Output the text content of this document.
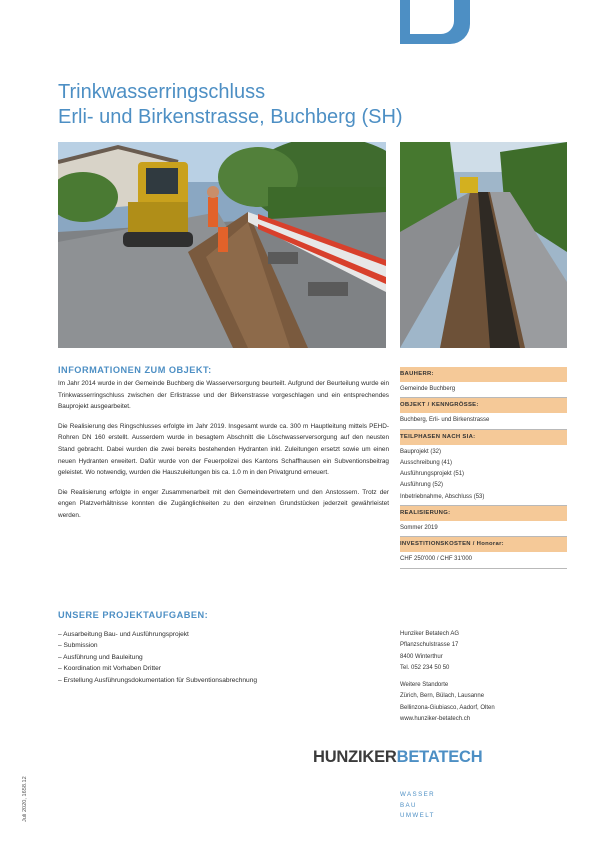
Trinkwasserringschluss
Erli- und Birkenstrasse, Buchberg (SH)
INFORMATIONEN ZUM OBJEKT:

Im Jahr 2014 wurde in der Gemeinde Buchberg die Wasserversorgung beurteilt. Aufgrund der Beurteilung wurde ein Trinkwasserringschluss zwischen der Erlistrasse und der Birkenstrasse vorgeschlagen und ein entsprechendes Bauprojekt ausgearbeitet.

Die Realisierung des Ringschlusses erfolgte im Jahr 2019. Insgesamt wurde ca. 300 m Hauptleitung mittels PEHD-Rohren DN 160 erstellt. Ausserdem wurde in besagtem Abschnitt die Löschwasserversorgung auf den neusten Stand gebracht. Dabei wurden die zwei bereits bestehenden Hydranten inkl. Zuleitungen ersetzt sowie um einen neuen Hydranten erweitert. Dafür wurde von der Feuerpolizei des Kantons Schaffhausen ein Subventionsbeitrag geleistet. Wo notwendig, wurden die Hauszuleitungen bis ca. 1.0 m in den Privatgrund erneuert.

Die Realisierung erfolgte in enger Zusammenarbeit mit den Gemeindevertretern und den Anstossern. Trotz der engen Platzverhältnisse konnten die Zugänglichkeiten zu den einzelnen Grundstücken jederzeit gewährleistet werden.

BAUHERR:
Gemeinde Buchberg
OBJEKT / KENNGRÖSSE:
Buchberg, Erli- und Birkenstrasse
TEILPHASEN NACH SIA:
Bauprojekt (32)
Ausschreibung (41)
Ausführungsprojekt (51)
Ausführung (52)
Inbetriebnahme, Abschluss (53)
REALISIERUNG:
Sommer 2019
INVESTITIONSKOSTEN / Honorar:
CHF 250'000 / CHF 31'000
UNSERE PROJEKTAUFGABEN:
– Ausarbeitung Bau- und Ausführungsprojekt
– Submission
– Ausführung und Bauleitung
– Koordination mit Vorhaben Dritter
– Erstellung Ausführungsdokumentation für Subventionsabrechnung
Hunziker Betatech AG
Pflanzschulstrasse 17
8400 Winterthur
Tel. 052 234 50 50
Weitere Standorte
Zürich, Bern, Bülach, Lausanne
Bellinzona-Giubiasco, Aadorf, Olten
www.hunziker-betatech.ch
HUNZIKERBETATECH
WASSER
BAU
UMWELT
Juli 2020, 1658.12
